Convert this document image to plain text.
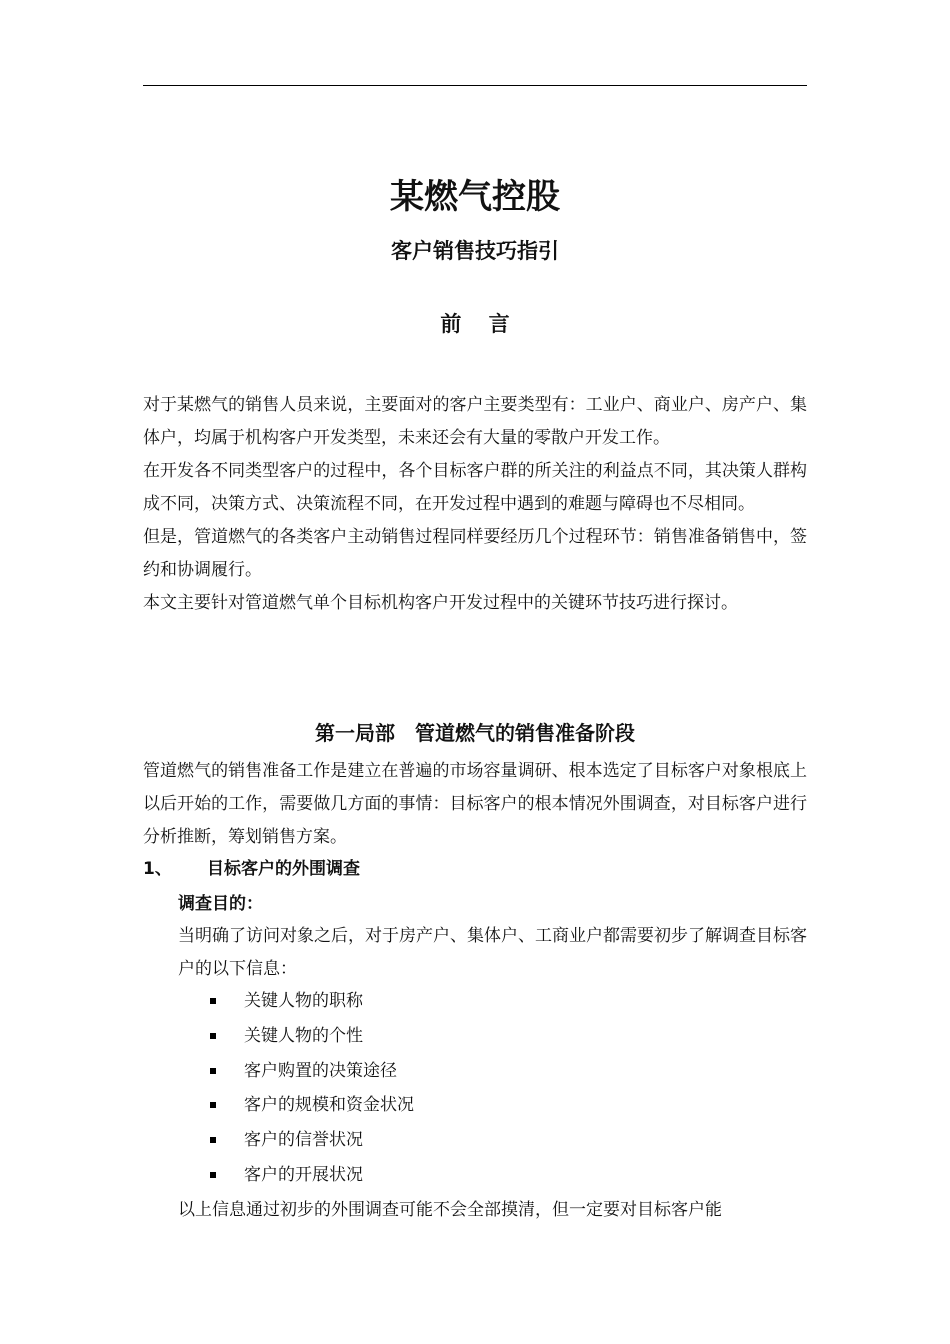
某燃气控股
客户销售技巧指引
前 言

对于某燃气的销售人员来说，主要面对的客户主要类型有：工业户、商业户、房产户、集体户，均属于机构客户开发类型，未来还会有大量的零散户开发工作。

在开发各不同类型客户的过程中，各个目标客户群的所关注的利益点不同，其决策人群构成不同，决策方式、决策流程不同，在开发过程中遇到的难题与障碍也不尽相同。

但是，管道燃气的各类客户主动销售过程同样要经历几个过程环节：销售准备销售中，签约和协调履行。

本文主要针对管道燃气单个目标机构客户开发过程中的关键环节技巧进行探讨。

第一局部　管道燃气的销售准备阶段

管道燃气的销售准备工作是建立在普遍的市场容量调研、根本选定了目标客户对象根底上以后开始的工作，需要做几方面的事情：目标客户的根本情况外围调查，对目标客户进行分析推断，筹划销售方案。

1、 目标客户的外围调查
调查目的：

当明确了访问对象之后，对于房产户、集体户、工商业户都需要初步了解调查目标客户的以下信息：

关键人物的职称
关键人物的个性
客户购置的决策途径
客户的规模和资金状况
客户的信誉状况
客户的开展状况

以上信息通过初步的外围调查可能不会全部摸清，但一定要对目标客户能
